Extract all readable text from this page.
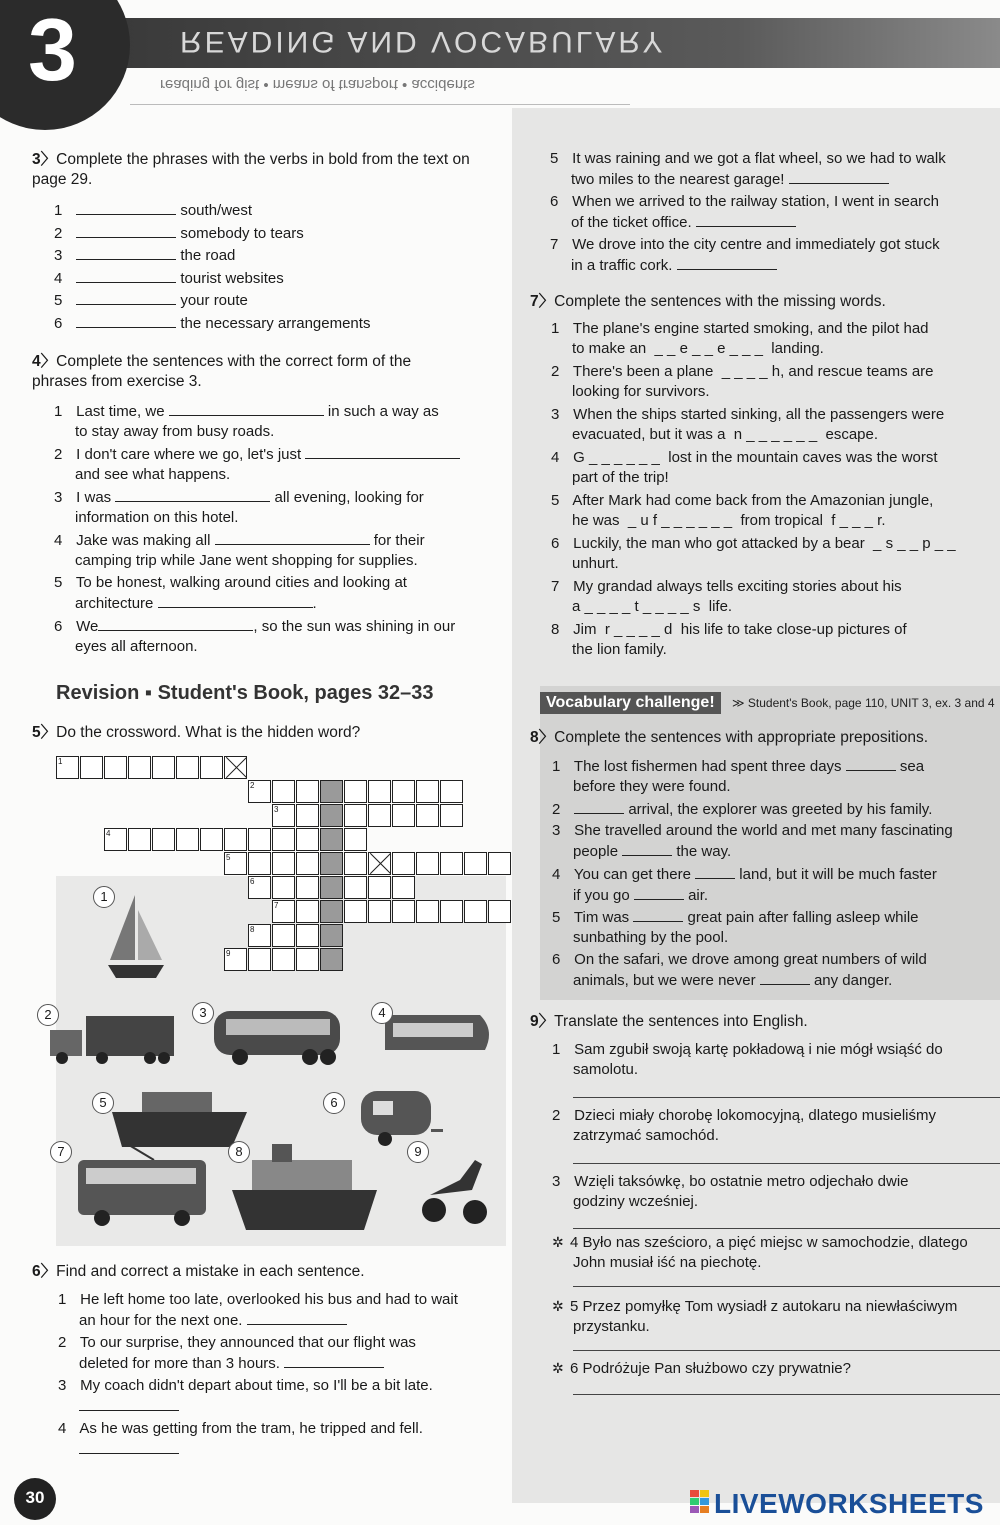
READING AND VOCABULARY
reading for gist • means of transport • accidents
3
3〉Complete the phrases with the verbs in bold from the text on page 29.
1	south/west
2	somebody to tears
3	the road
4	tourist websites
5	your route
6	the necessary arrangements
4〉Complete the sentences with the correct form of the phrases from exercise 3.
1 Last time, we	in such a way as
to stay away from busy roads.
2 I don't care where we go, let's just
and see what happens.
3 I was	all evening, looking for
information on this hotel.
4 Jake was making all	for their
camping trip while Jane went shopping for supplies.
5 To be honest, walking around cities and looking at
architecture	.
6 We	, so the sun was shining in our
eyes all afternoon.
Revision ▪ Student's Book, pages 32–33
5〉Do the crossword. What is the hidden word?
1
2
3
4
5
6
7
8
9
1
2	3	4
5	6
7	8	9
6〉Find and correct a mistake in each sentence.
1 He left home too late, overlooked his bus and had to wait
an hour for the next one.
2 To our surprise, they announced that our flight was
deleted for more than 3 hours.
3 My coach didn't depart about time, so I'll be a bit late.

4 As he was getting from the tram, he tripped and fell.

5 It was raining and we got a flat wheel, so we had to walk
two miles to the nearest garage!
6 When we arrived to the railway station, I went in search
of the ticket office.
7 We drove into the city centre and immediately got stuck
in a traffic cork.
7〉Complete the sentences with the missing words.
1 The plane's engine started smoking, and the pilot had
to make an  _ _ e _ _ e _ _ _  landing.
2 There's been a plane  _ _ _ _ h, and rescue teams are
looking for survivors.
3 When the ships started sinking, all the passengers were
evacuated, but it was a  n _ _ _ _ _ _  escape.
4 G _ _ _ _ _ _  lost in the mountain caves was the worst
part of the trip!
5 After Mark had come back from the Amazonian jungle,
he was  _ u f _ _ _ _ _ _  from tropical  f _ _ _ r.
6 Luckily, the man who got attacked by a bear  _ s _ _ p _ _
unhurt.
7 My grandad always tells exciting stories about his
a _ _ _ _ t _ _ _ _ s  life.
8 Jim  r _ _ _ _ d  his life to take close-up pictures of
the lion family.
Vocabulary challenge!	≫ Student's Book, page 110, UNIT 3, ex. 3 and 4
8〉Complete the sentences with appropriate prepositions.
1 The lost fishermen had spent three days	sea
before they were found.
2	arrival, the explorer was greeted by his family.
3 She travelled around the world and met many fascinating
people	the way.
4 You can get there	land, but it will be much faster
if you go	air.
5 Tim was	great pain after falling asleep while
sunbathing by the pool.
6 On the safari, we drove among great numbers of wild
animals, but we were never	any danger.
9〉Translate the sentences into English.
1 Sam zgubił swoją kartę pokładową i nie mógł wsiąść do
samolotu.
2 Dzieci miały chorobę lokomocyjną, dlatego musieliśmy
zatrzymać samochód.
3 Wzięli taksówkę, bo ostatnie metro odjechało dwie
godziny wcześniej.
✲ 4 Było nas sześcioro, a pięć miejsc w samochodzie, dlatego
John musiał iść na piechotę.
✲ 5 Przez pomyłkę Tom wysiadł z autokaru na niewłaściwym
przystanku.
✲ 6 Podróżuje Pan służbowo czy prywatnie?
30	LIVEWORKSHEETS
